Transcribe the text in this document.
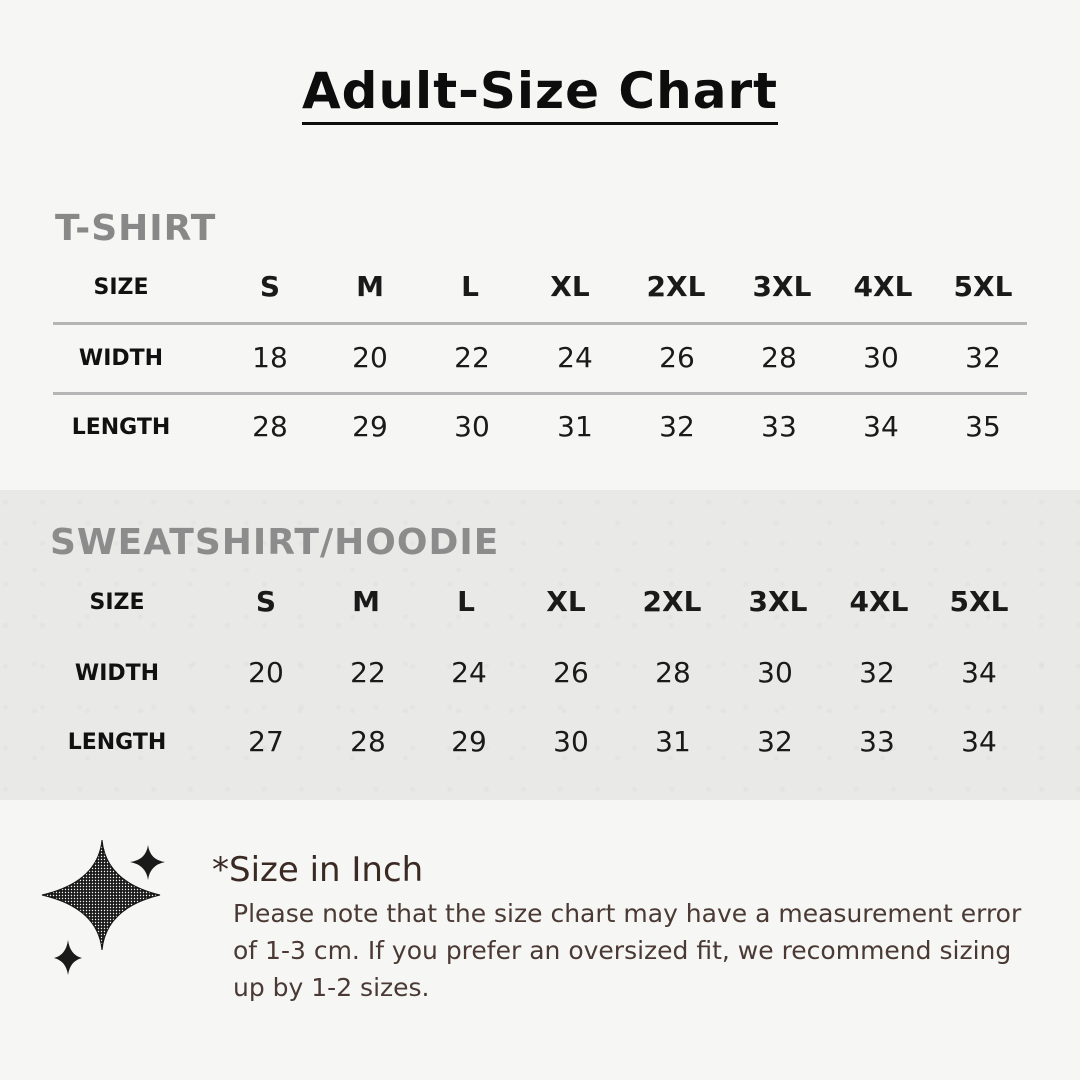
Adult-Size Chart
T-SHIRT
SWEATSHIRT/HOODIE
SIZE	S	M	L	XL	2XL	3XL	4XL	5XL
WIDTH	18	20	22	24	26	28	30	32
LENGTH	28	29	30	31	32	33	34	35
SIZE	S	M	L	XL	2XL	3XL	4XL	5XL
WIDTH	20	22	24	26	28	30	32	34
LENGTH	27	28	29	30	31	32	33	34
*Size in Inch
Please note that the size chart may have a measurement error of 1-3 cm. If you prefer an oversized fit, we recommend sizing up by 1-2 sizes.
